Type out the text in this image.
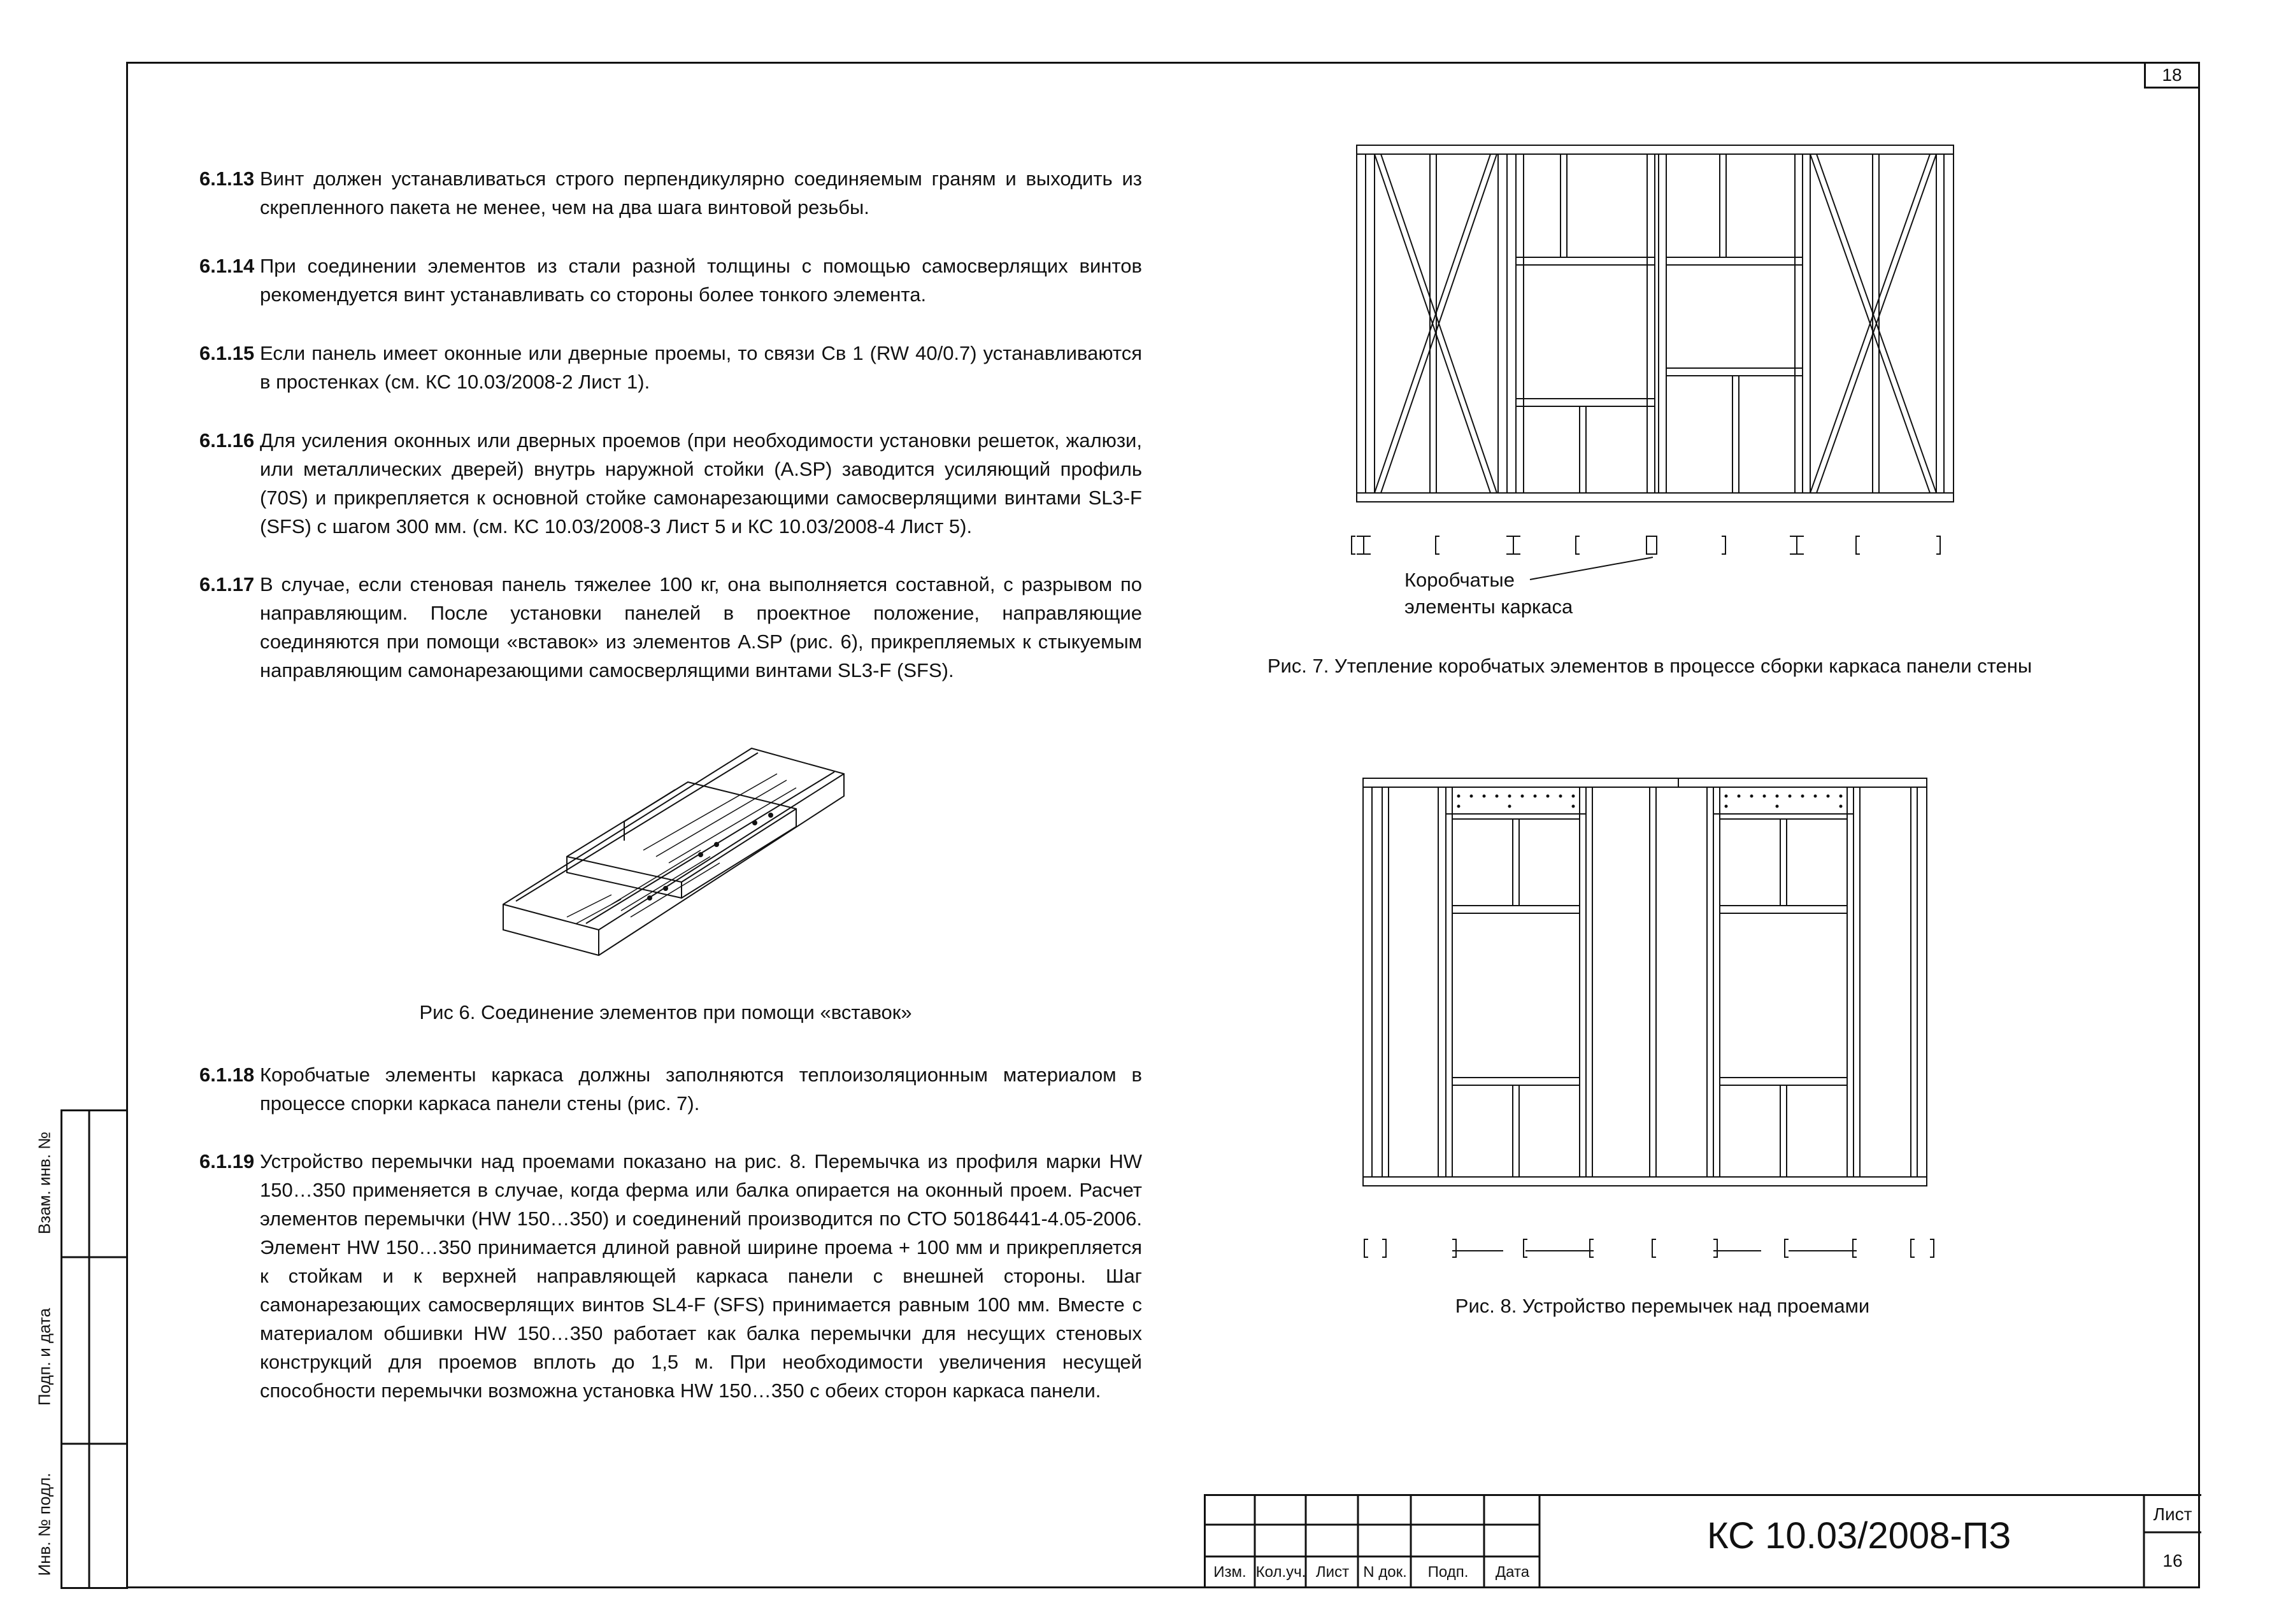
18
6.1.13 Винт должен устанавливаться строго перпендикулярно соединяемым граням и выходить из скрепленного пакета не менее, чем на два шага винтовой резьбы.
6.1.14 При соединении элементов из стали разной толщины с помощью самосверлящих винтов рекомендуется винт устанавливать со стороны более тонкого элемента.
6.1.15 Если панель имеет оконные или дверные проемы, то связи Св 1 (RW 40/0.7) устанавливаются в простенках (см. КС 10.03/2008-2 Лист 1).
6.1.16 Для усиления оконных или дверных проемов (при необходимости установки решеток, жалюзи, или металлических дверей) внутрь наружной стойки (A.SP) заводится усиляющий профиль (70S) и прикрепляется к основной стойке самонарезающими самосверлящими винтами SL3-F (SFS) с шагом 300 мм. (см. КС 10.03/2008-3 Лист 5 и КС 10.03/2008-4 Лист 5).
6.1.17 В случае, если стеновая панель тяжелее 100 кг, она выполняется составной, с разрывом по направляющим. После установки панелей в проектное положение, направляющие соединяются при помощи «вставок» из элементов A.SP (рис. 6), прикрепляемых к стыкуемым направляющим самонарезающими самосверлящими винтами SL3-F (SFS).
Рис 6. Соединение элементов при помощи «вставок»
6.1.18 Коробчатые элементы каркаса должны заполняются теплоизоляционным материалом в процессе спорки каркаса панели стены (рис. 7).
6.1.19 Устройство перемычки над проемами показано на рис. 8. Перемычка из профиля марки HW 150…350 применяется в случае, когда ферма или балка опирается на оконный проем. Расчет элементов перемычки (HW 150…350) и соединений производится по СТО 50186441-4.05-2006. Элемент HW 150…350 принимается длиной равной ширине проема + 100 мм и прикрепляется к стойкам и к верхней направляющей каркаса панели с внешней стороны. Шаг самонарезающих самосверлящих винтов SL4-F (SFS) принимается равным 100 мм. Вместе с материалом обшивки HW 150…350 работает как балка перемычки для несущих стеновых конструкций для проемов вплоть до 1,5 м. При необходимости увеличения несущей способности перемычки возможна установка HW 150…350 с обеих сторон каркаса панели.
Коробчатые
элементы каркаса
Рис. 7. Утепление коробчатых элементов в процессе сборки каркаса панели стены
Рис. 8. Устройство перемычек над проемами
Взам. инв. №
Подп. и дата
Инв. № подл.	Изм. Кол.уч. Лист N док.	Подп.	Дата
КС 10.03/2008-ПЗ
Лист
16
